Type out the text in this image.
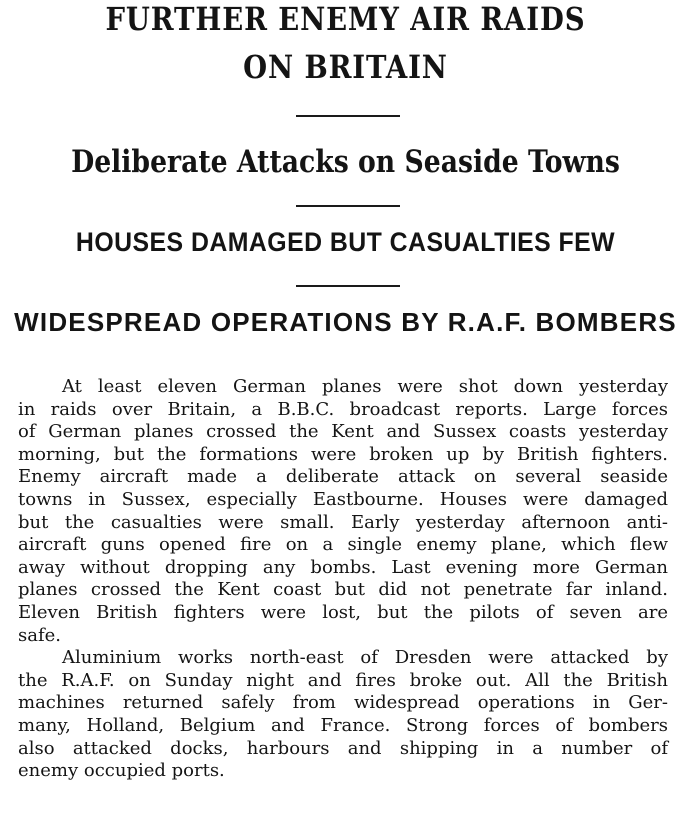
FURTHER ENEMY AIR RAIDS
ON BRITAIN
Deliberate Attacks on Seaside Towns
HOUSES DAMAGED BUT CASUALTIES FEW
WIDESPREAD OPERATIONS BY R.A.F. BOMBERS

At least eleven German planes were shot down yesterday
in raids over Britain, a B.B.C. broadcast reports. Large forces
of German planes crossed the Kent and Sussex coasts yesterday
morning, but the formations were broken up by British fighters.
Enemy aircraft made a deliberate attack on several seaside
towns in Sussex, especially Eastbourne. Houses were damaged
but the casualties were small. Early yesterday afternoon anti-
aircraft guns opened fire on a single enemy plane, which flew
away without dropping any bombs. Last evening more German
planes crossed the Kent coast but did not penetrate far inland.
Eleven British fighters were lost, but the pilots of seven are
safe.

Aluminium works north-east of Dresden were attacked by
the R.A.F. on Sunday night and fires broke out. All the British
machines returned safely from widespread operations in Ger-
many, Holland, Belgium and France. Strong forces of bombers
also attacked docks, harbours and shipping in a number of
enemy occupied ports.
